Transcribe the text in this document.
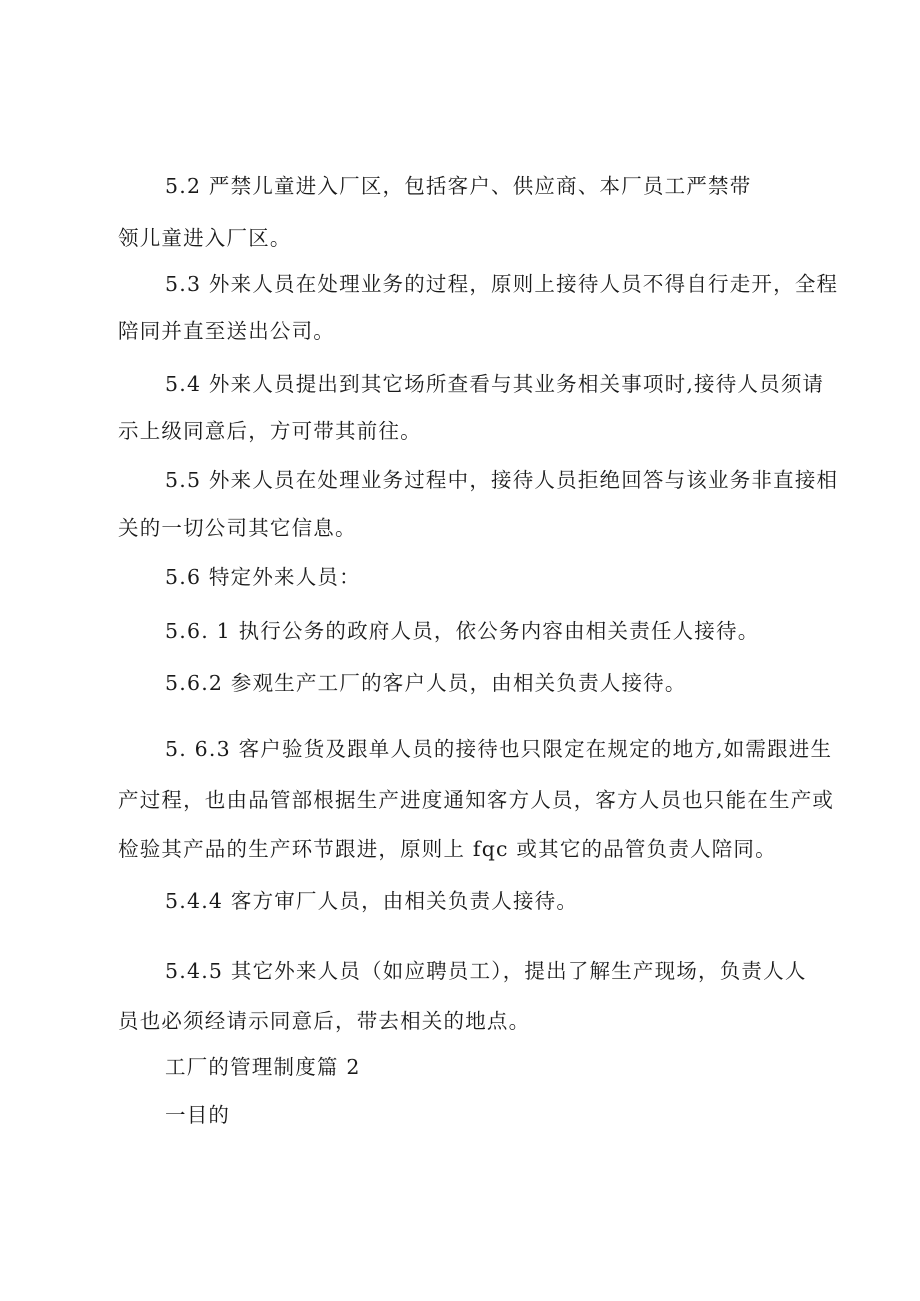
5.2 严禁儿童进入厂区，包括客户、供应商、本厂员工严禁带
领儿童进入厂区。
5.3 外来人员在处理业务的过程，原则上接待人员不得自行走开，全程
陪同并直至送出公司。
5.4 外来人员提出到其它场所查看与其业务相关事项时,接待人员须请
示上级同意后，方可带其前往。
5.5 外来人员在处理业务过程中，接待人员拒绝回答与该业务非直接相
关的一切公司其它信息。
5.6 特定外来人员：
5.6. 1 执行公务的政府人员，依公务内容由相关责任人接待。
5.6.2 参观生产工厂的客户人员，由相关负责人接待。
5. 6.3 客户验货及跟单人员的接待也只限定在规定的地方,如需跟进生
产过程，也由品管部根据生产进度通知客方人员，客方人员也只能在生产或
检验其产品的生产环节跟进，原则上 fqc 或其它的品管负责人陪同。
5.4.4 客方审厂人员，由相关负责人接待。
5.4.5 其它外来人员（如应聘员工），提出了解生产现场，负责人人
员也必须经请示同意后，带去相关的地点。
工厂的管理制度篇 2
一目的
